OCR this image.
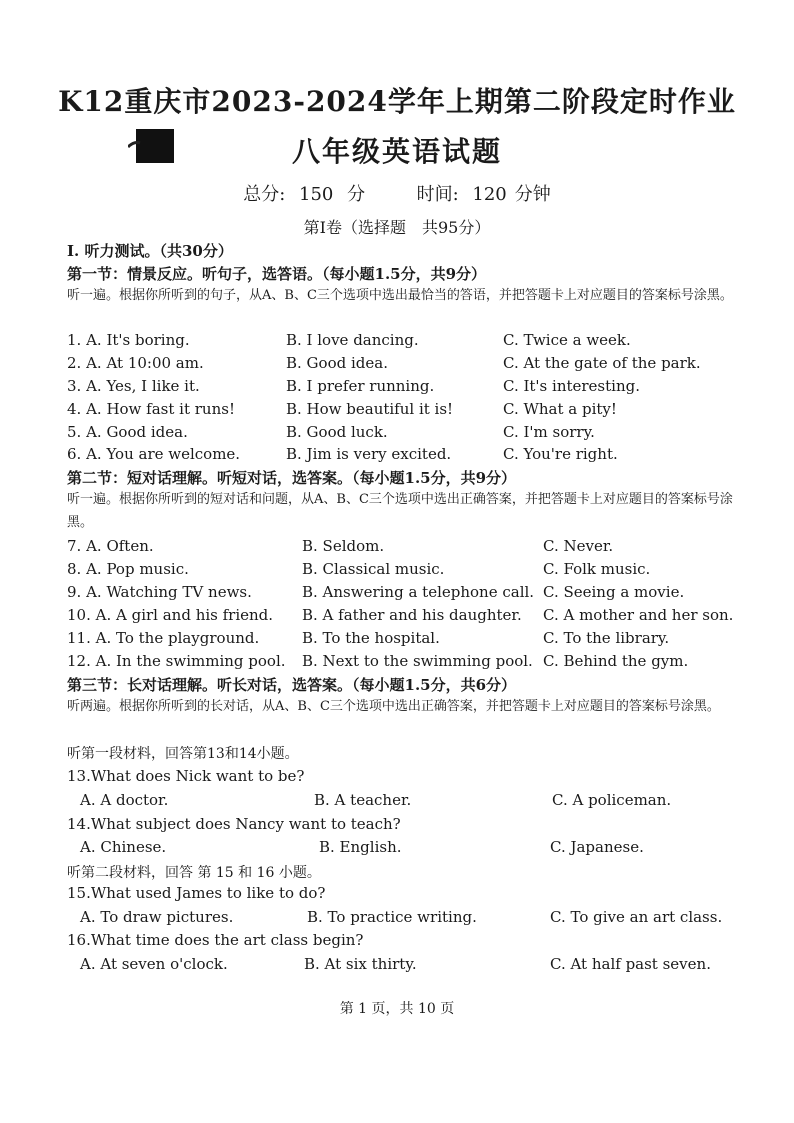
K12重庆市2023-2024学年上期第二阶段定时作业
八年级英语试题
总分: 150 分	时间: 120 分钟
第Ⅰ卷（选择题　共95分）
I. 听力测试。（共30分）
第一节：情景反应。听句子，选答语。（每小题1.5分，共9分）
听一遍。根据你所听到的句子，从A、B、C三个选项中选出最恰当的答语，并把答题卡上对应题目的答案标号涂黑。
1. A. It's boring.	B. I love dancing.	C. Twice a week.
2. A. At 10:00 am.	B. Good idea.	C. At the gate of the park.
3. A. Yes, I like it.	B. I prefer running.	C. It's interesting.
4. A. How fast it runs!	B. How beautiful it is!	C. What a pity!
5. A. Good idea.	B. Good luck.	C. I'm sorry.
6. A. You are welcome.	B. Jim is very excited.	C. You're right.
第二节：短对话理解。听短对话，选答案。（每小题1.5分，共9分）
听一遍。根据你所听到的短对话和问题，从A、B、C三个选项中选出正确答案，并把答题卡上对应题目的答案标号涂黑。
7. A. Often.	B. Seldom.	C. Never.
8. A. Pop music.	B. Classical music.	C. Folk music.
9. A. Watching TV news.	B. Answering a telephone call. C. Seeing a movie.
10. A. A girl and his friend. B. A father and his daughter. C. A mother and her son.
11. A. To the playground.	B. To the hospital.	C. To the library.
12. A. In the swimming pool. B. Next to the swimming pool. C. Behind the gym.
第三节：长对话理解。听长对话，选答案。（每小题1.5分，共6分）
听两遍。根据你所听到的长对话，从A、B、C三个选项中选出正确答案，并把答题卡上对应题目的答案标号涂黑。
听第一段材料，回答第13和14小题。
13.What does Nick want to be?
A. A doctor.	B. A teacher.	C. A policeman.
14.What subject does Nancy want to teach?
A. Chinese.	B. English.	C. Japanese.
听第二段材料，回答 第 15 和 16 小题。
15.What used James to like to do?
A. To draw pictures.	B. To practice writing.	C. To give an art class.
16.What time does the art class begin?
A. At seven o'clock.	B. At six thirty.	C. At half past seven.
第 1 页，共 10 页
